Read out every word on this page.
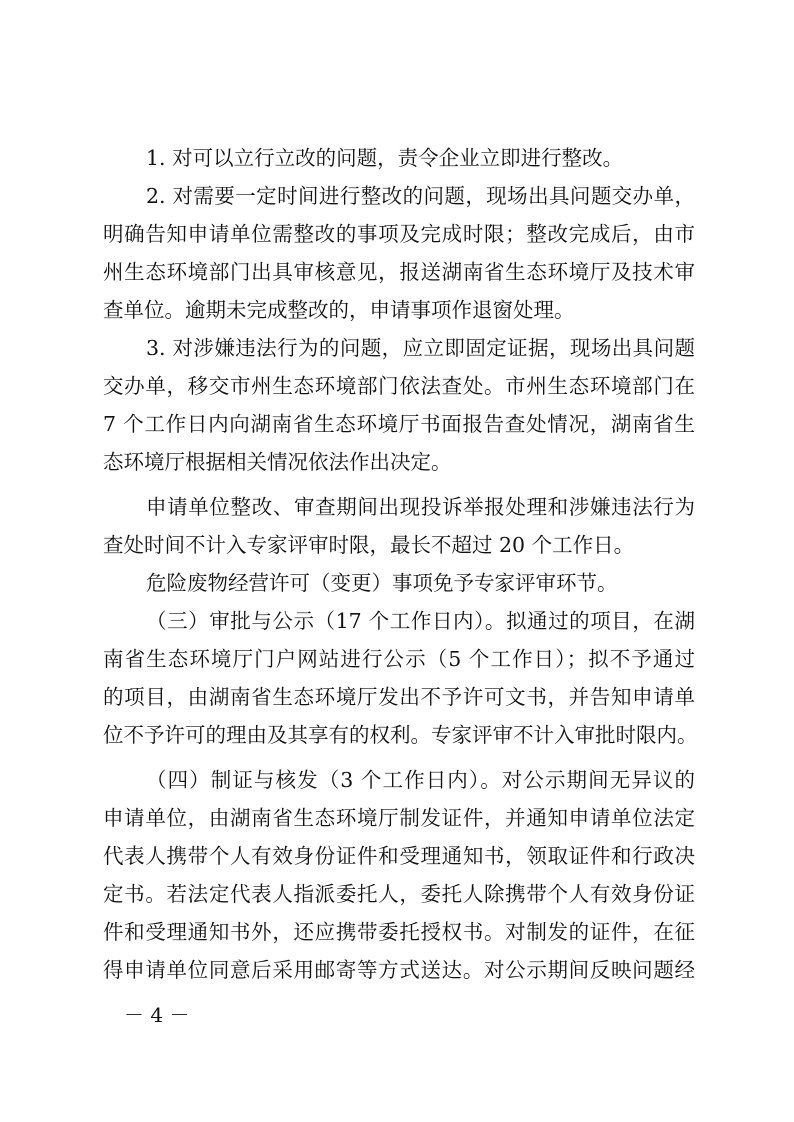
1. 对可以立行立改的问题，责令企业立即进行整改。
2. 对需要一定时间进行整改的问题，现场出具问题交办单，
明确告知申请单位需整改的事项及完成时限；整改完成后，由市
州生态环境部门出具审核意见，报送湖南省生态环境厅及技术审
查单位。逾期未完成整改的，申请事项作退窗处理。
3. 对涉嫌违法行为的问题，应立即固定证据，现场出具问题
交办单，移交市州生态环境部门依法查处。市州生态环境部门在
7 个工作日内向湖南省生态环境厅书面报告查处情况，湖南省生
态环境厅根据相关情况依法作出决定。
申请单位整改、审查期间出现投诉举报处理和涉嫌违法行为
查处时间不计入专家评审时限，最长不超过 20 个工作日。
危险废物经营许可（变更）事项免予专家评审环节。
（三）审批与公示（17 个工作日内）。拟通过的项目，在湖
南省生态环境厅门户网站进行公示（5 个工作日）；拟不予通过
的项目，由湖南省生态环境厅发出不予许可文书，并告知申请单
位不予许可的理由及其享有的权利。专家评审不计入审批时限内。
（四）制证与核发（3 个工作日内）。对公示期间无异议的
申请单位，由湖南省生态环境厅制发证件，并通知申请单位法定
代表人携带个人有效身份证件和受理通知书，领取证件和行政决
定书。若法定代表人指派委托人，委托人除携带个人有效身份证
件和受理通知书外，还应携带委托授权书。对制发的证件，在征
得申请单位同意后采用邮寄等方式送达。对公示期间反映问题经
－ 4 －
